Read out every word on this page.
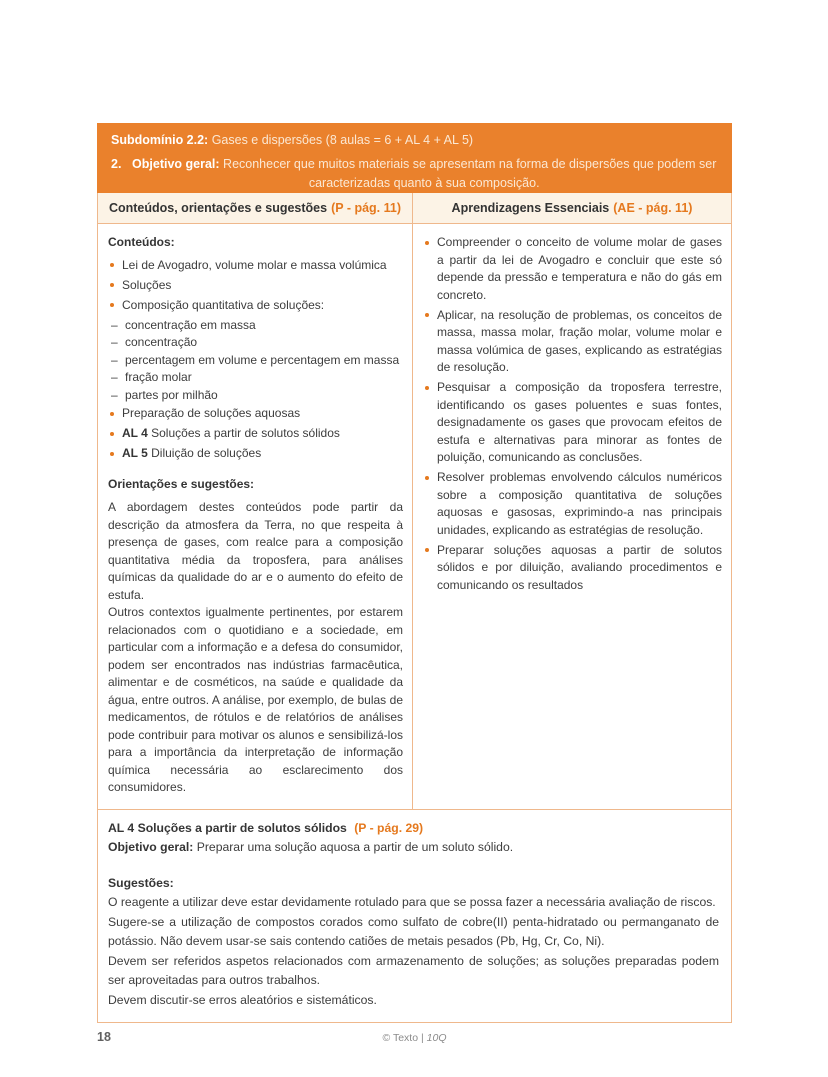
Subdomínio 2.2: Gases e dispersões (8 aulas = 6 + AL 4 + AL 5)
2. Objetivo geral: Reconhecer que muitos materiais se apresentam na forma de dispersões que podem ser caracterizadas quanto à sua composição.
Conteúdos, orientações e sugestões (P - pág. 11)	Aprendizagens Essenciais (AE - pág. 11)
Conteúdos:
Lei de Avogadro, volume molar e massa volúmica
Soluções
Composição quantitativa de soluções:
– concentração em massa
– concentração
– percentagem em volume e percentagem em massa
– fração molar
– partes por milhão
Preparação de soluções aquosas
AL 4 Soluções a partir de solutos sólidos
AL 5 Diluição de soluções
Orientações e sugestões:

A abordagem destes conteúdos pode partir da descrição da atmosfera da Terra, no que respeita à presença de gases, com realce para a composição quantitativa média da troposfera, para análises químicas da qualidade do ar e o aumento do efeito de estufa.

Outros contextos igualmente pertinentes, por estarem relacionados com o quotidiano e a sociedade, em particular com a informação e a defesa do consumidor, podem ser encontrados nas indústrias farmacêutica, alimentar e de cosméticos, na saúde e qualidade da água, entre outros. A análise, por exemplo, de bulas de medicamentos, de rótulos e de relatórios de análises pode contribuir para motivar os alunos e sensibilizá-los para a importância da interpretação de informação química necessária ao esclarecimento dos consumidores.

Compreender o conceito de volume molar de gases a partir da lei de Avogadro e concluir que este só depende da pressão e temperatura e não do gás em concreto.
Aplicar, na resolução de problemas, os conceitos de massa, massa molar, fração molar, volume molar e massa volúmica de gases, explicando as estratégias de resolução.
Pesquisar a composição da troposfera terrestre, identificando os gases poluentes e suas fontes, designadamente os gases que provocam efeitos de estufa e alternativas para minorar as fontes de poluição, comunicando as conclusões.
Resolver problemas envolvendo cálculos numéricos sobre a composição quantitativa de soluções aquosas e gasosas, exprimindo-a nas principais unidades, explicando as estratégias de resolução.
Preparar soluções aquosas a partir de solutos sólidos e por diluição, avaliando procedimentos e comunicando os resultados
AL 4 Soluções a partir de solutos sólidos (P - pág. 29)
Objetivo geral: Preparar uma solução aquosa a partir de um soluto sólido.
Sugestões:

O reagente a utilizar deve estar devidamente rotulado para que se possa fazer a necessária avaliação de riscos.

Sugere-se a utilização de compostos corados como sulfato de cobre(II) penta-hidratado ou permanganato de potássio. Não devem usar-se sais contendo catiões de metais pesados (Pb, Hg, Cr, Co, Ni).

Devem ser referidos aspetos relacionados com armazenamento de soluções; as soluções preparadas podem ser aproveitadas para outros trabalhos.

Devem discutir-se erros aleatórios e sistemáticos.

18	© Texto | 10Q
